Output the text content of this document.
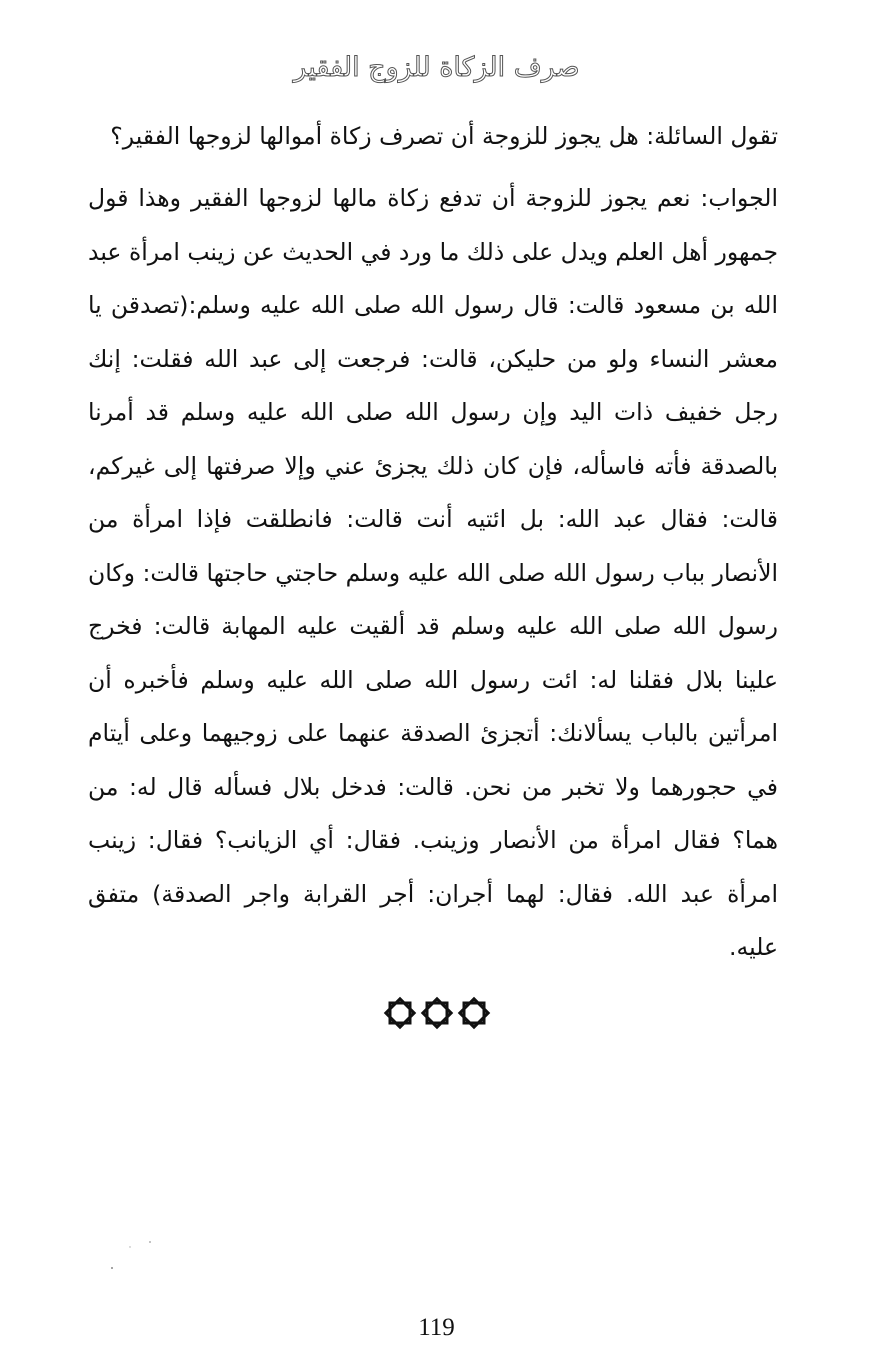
صرف الزكاة للزوج الفقير

تقول السائلة: هل يجوز للزوجة أن تصرف زكاة أموالها لزوجها الفقير؟

الجواب: نعم يجوز للزوجة أن تدفع زكاة مالها لزوجها الفقير وهذا قول جمهور أهل العلم ويدل على ذلك ما ورد في الحديث عن زينب امرأة عبد الله بن مسعود قالت: قال رسول الله صلى الله عليه وسلم:(تصدقن يا معشر النساء ولو من حليكن، قالت: فرجعت إلى عبد الله فقلت: إنك رجل خفيف ذات اليد وإن رسول الله صلى الله عليه وسلم قد أمرنا بالصدقة فأته فاسأله، فإن كان ذلك يجزئ عني وإلا صرفتها إلى غيركم، قالت: فقال عبد الله: بل ائتيه أنت قالت: فانطلقت فإذا امرأة من الأنصار بباب رسول الله صلى الله عليه وسلم حاجتي حاجتها قالت: وكان رسول الله صلى الله عليه وسلم قد ألقيت عليه المهابة قالت: فخرج علينا بلال فقلنا له: ائت رسول الله صلى الله عليه وسلم فأخبره أن امرأتين بالباب يسألانك: أتجزئ الصدقة عنهما على زوجيهما وعلى أيتام في حجورهما ولا تخبر من نحن. قالت: فدخل بلال فسأله قال له: من هما؟ فقال امرأة من الأنصار وزينب. فقال: أي الزيانب؟ فقال: زينب امرأة عبد الله. فقال: لهما أجران: أجر القرابة واجر الصدقة) متفق عليه.

119
